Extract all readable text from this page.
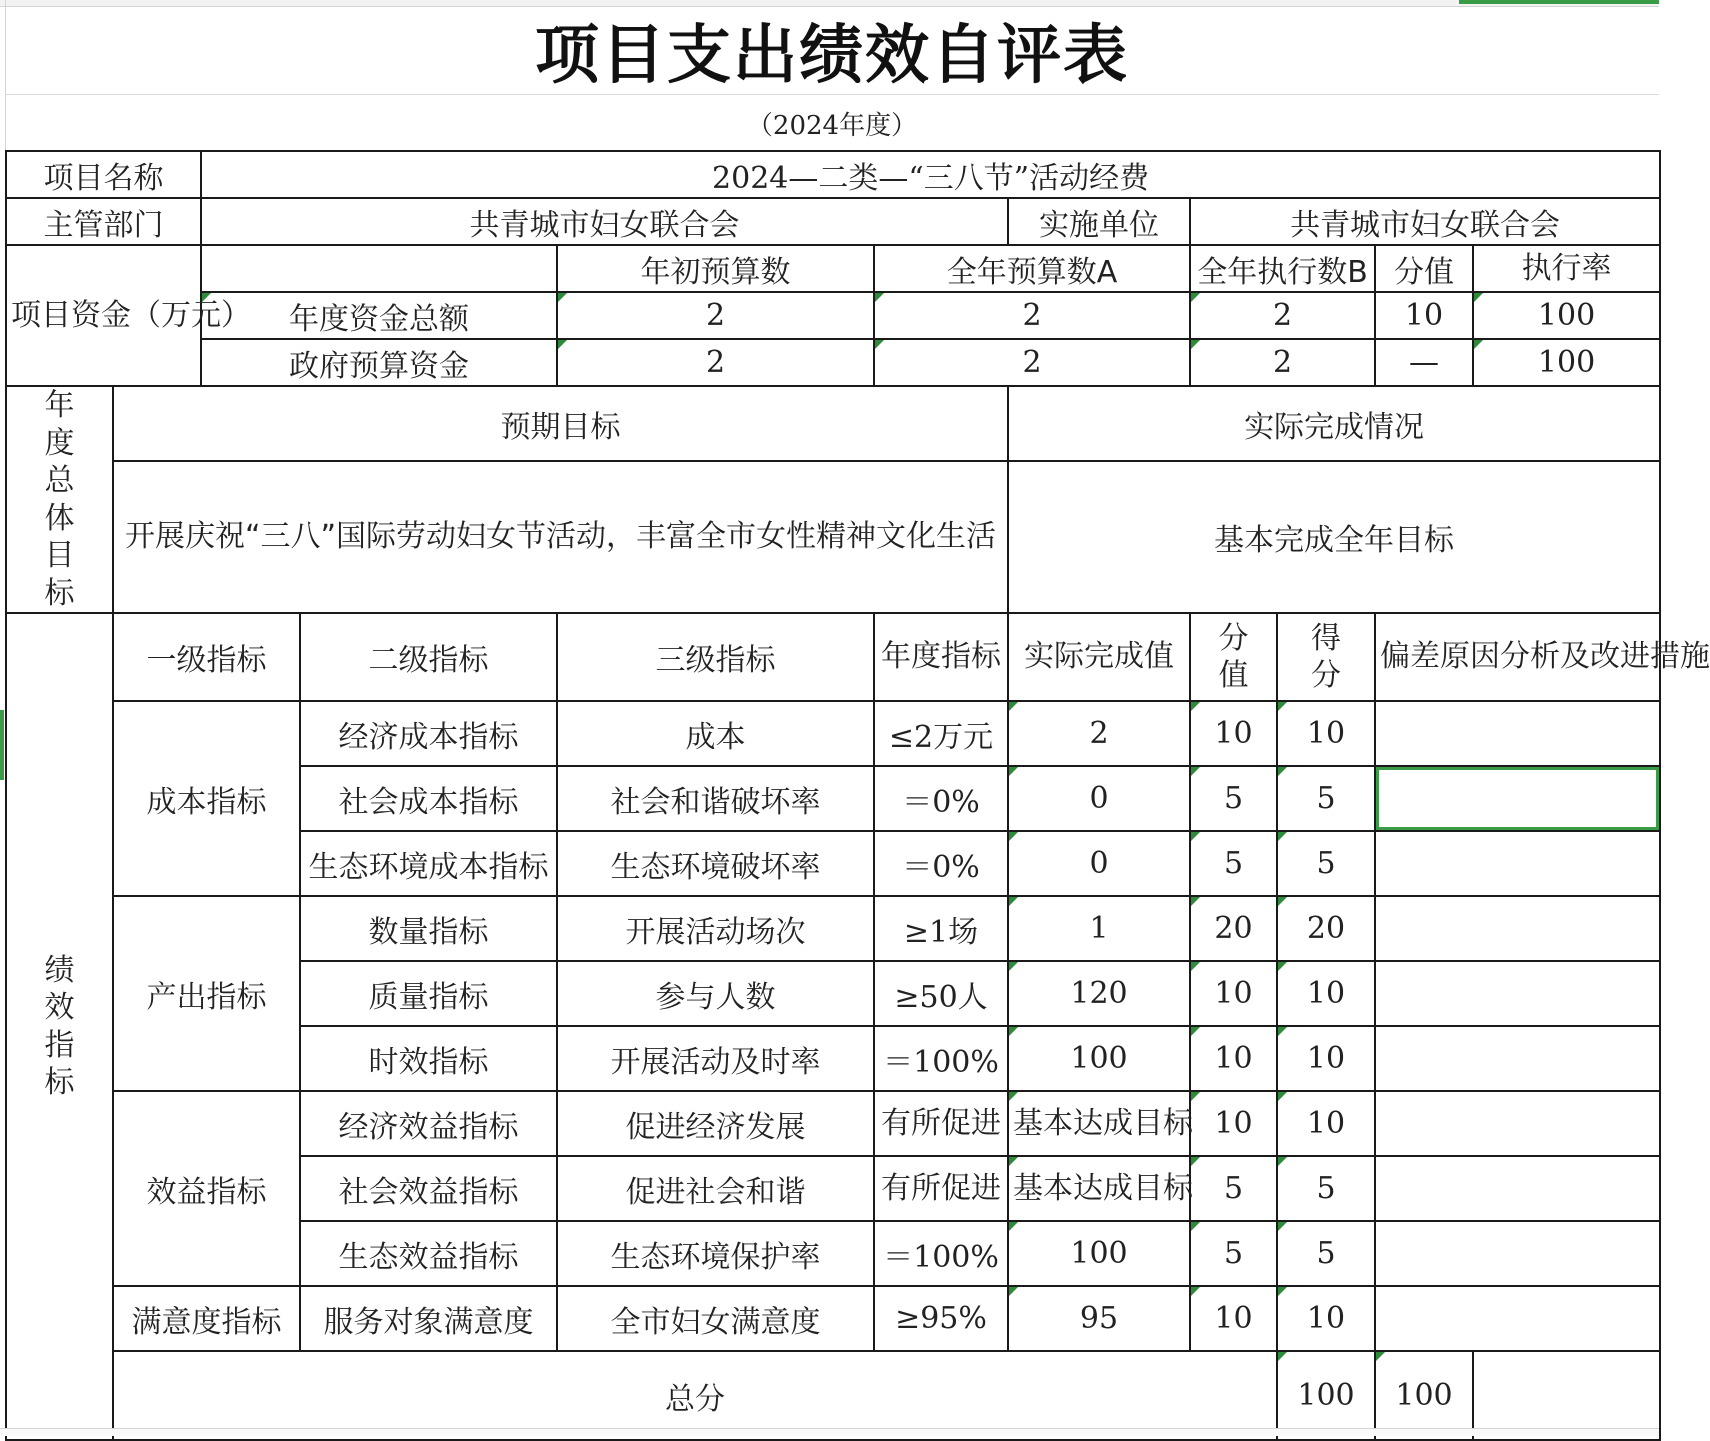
项目支出绩效自评表
（2024年度）
项目名称		2024—二类—“三八节”活动经费									
主管部门		共青城市妇女联合会				实施单位	共青城市妇女联合会				
项目资金（万元）				年初预算数	全年预算数A		全年执行数B		分值	执行率	
		年度资金总额		2	2		2		10	100	
		政府预算资金		2	2		2		—	100	
年度总体目标	预期目标					实际完成情况					
	开展庆祝“三八”国际劳动妇女节活动，丰富全市女性精神文化生活					基本完成全年目标					
绩效指标	一级指标		二级指标	三级指标	年度指标	实际完成值	分值	得分	偏差原因分析及改进措施		
	成本指标		经济成本指标	成本	≤2万元	2	10	10			
			社会成本指标	社会和谐破坏率	＝0%	0	5	5			
			生态环境成本指标	生态环境破坏率	＝0%	0	5	5			
	产出指标		数量指标	开展活动场次	≥1场	1	20	20			
			质量指标	参与人数	≥50人	120	10	10			
			时效指标	开展活动及时率	＝100%	100	10	10			
	效益指标		经济效益指标	促进经济发展	有所促进	基本达成目标	10	10			
			社会效益指标	促进社会和谐	有所促进	基本达成目标	5	5			
			生态效益指标	生态环境保护率	＝100%	100	5	5			
	满意度指标		服务对象满意度	全市妇女满意度	≥95%	95	10	10			
	总分							100	100		
